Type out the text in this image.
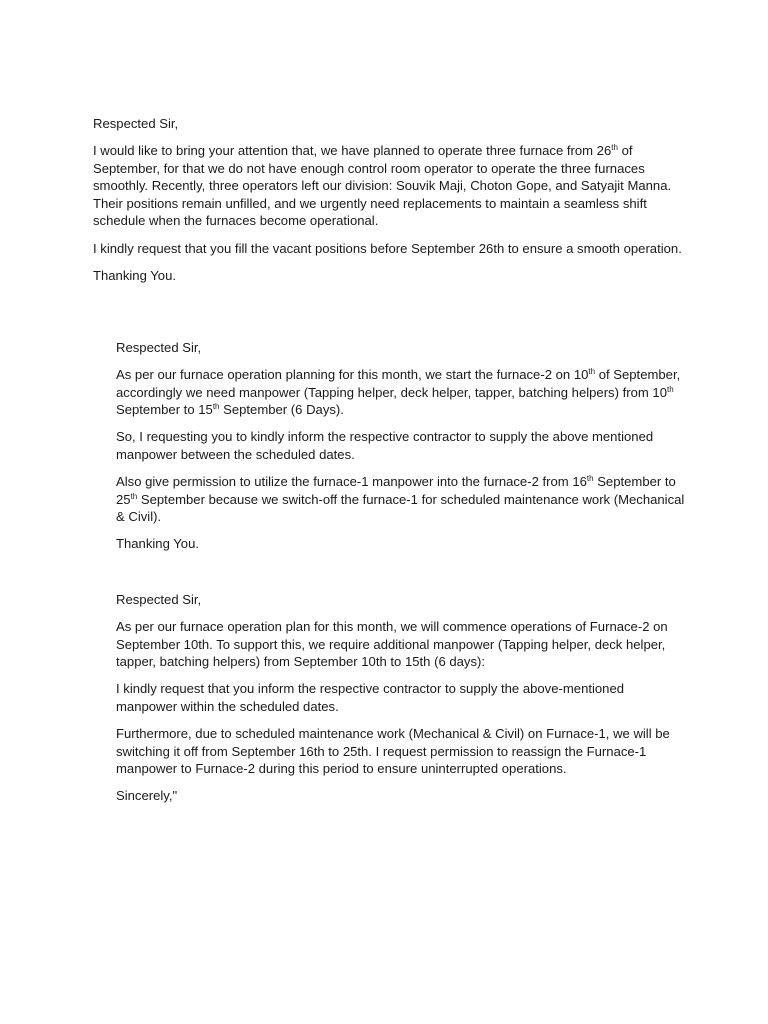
Respected Sir,

I would like to bring your attention that, we have planned to operate three furnace from 26th of September, for that we do not have enough control room operator to operate the three furnaces smoothly. Recently, three operators left our division: Souvik Maji, Choton Gope, and Satyajit Manna. Their positions remain unfilled, and we urgently need replacements to maintain a seamless shift schedule when the furnaces become operational.

I kindly request that you fill the vacant positions before September 26th to ensure a smooth operation.

Thanking You.

Respected Sir,

As per our furnace operation planning for this month, we start the furnace-2 on 10th of September, accordingly we need manpower (Tapping helper, deck helper, tapper, batching helpers) from 10th September to 15th September (6 Days).

So, I requesting you to kindly inform the respective contractor to supply the above mentioned manpower between the scheduled dates.

Also give permission to utilize the furnace-1 manpower into the furnace-2 from 16th September to 25th September because we switch-off the furnace-1 for scheduled maintenance work (Mechanical & Civil).

Thanking You.

Respected Sir,

As per our furnace operation plan for this month, we will commence operations of Furnace-2 on September 10th. To support this, we require additional manpower (Tapping helper, deck helper, tapper, batching helpers) from September 10th to 15th (6 days):

I kindly request that you inform the respective contractor to supply the above-mentioned manpower within the scheduled dates.

Furthermore, due to scheduled maintenance work (Mechanical & Civil) on Furnace-1, we will be switching it off from September 16th to 25th. I request permission to reassign the Furnace-1 manpower to Furnace-2 during this period to ensure uninterrupted operations.

Sincerely,"
